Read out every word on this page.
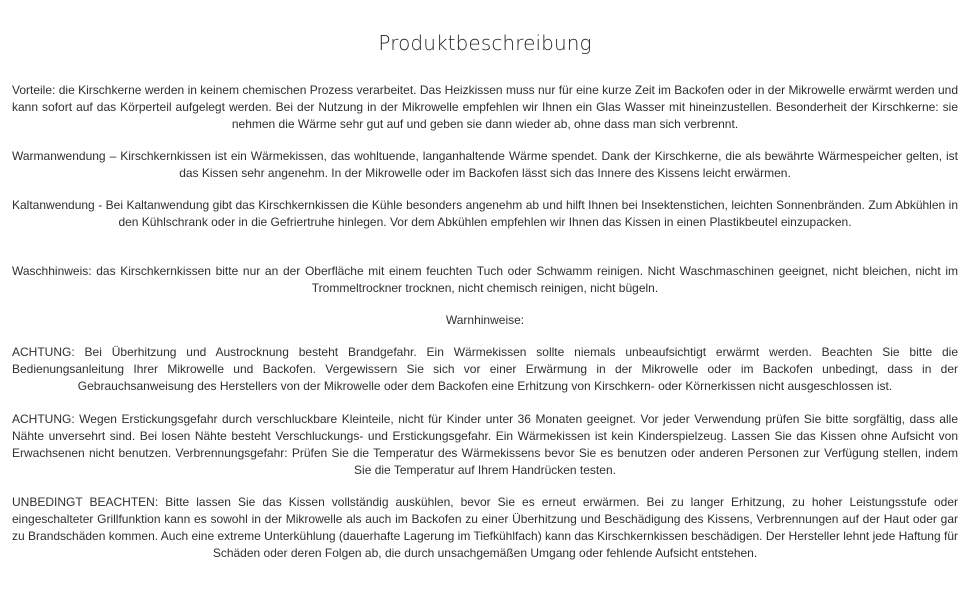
Produktbeschreibung

Vorteile: die Kirschkerne werden in keinem chemischen Prozess verarbeitet. Das Heizkissen muss nur für eine kurze Zeit im Backofen oder in der Mikrowelle erwärmt werden und kann sofort auf das Körperteil aufgelegt werden. Bei der Nutzung in der Mikrowelle empfehlen wir Ihnen ein Glas Wasser mit hineinzustellen. Besonderheit der Kirschkerne: sie nehmen die Wärme sehr gut auf und geben sie dann wieder ab, ohne dass man sich verbrennt.

Warmanwendung – Kirschkernkissen ist ein Wärmekissen, das wohltuende, langanhaltende Wärme spendet. Dank der Kirschkerne, die als bewährte Wärmespeicher gelten, ist das Kissen sehr angenehm. In der Mikrowelle oder im Backofen lässt sich das Innere des Kissens leicht erwärmen.

Kaltanwendung - Bei Kaltanwendung gibt das Kirschkernkissen die Kühle besonders angenehm ab und hilft Ihnen bei Insektenstichen, leichten Sonnenbränden. Zum Abkühlen in den Kühlschrank oder in die Gefriertruhe hinlegen. Vor dem Abkühlen empfehlen wir Ihnen das Kissen in einen Plastikbeutel einzupacken.

Waschhinweis: das Kirschkernkissen bitte nur an der Oberfläche mit einem feuchten Tuch oder Schwamm reinigen. Nicht Waschmaschinen geeignet, nicht bleichen, nicht im Trommeltrockner trocknen, nicht chemisch reinigen, nicht bügeln.

Warnhinweise:

ACHTUNG: Bei Überhitzung und Austrocknung besteht Brandgefahr. Ein Wärmekissen sollte niemals unbeaufsichtigt erwärmt werden. Beachten Sie bitte die Bedienungsanleitung Ihrer Mikrowelle und Backofen. Vergewissern Sie sich vor einer Erwärmung in der Mikrowelle oder im Backofen unbedingt, dass in der Gebrauchsanweisung des Herstellers von der Mikrowelle oder dem Backofen eine Erhitzung von Kirschkern- oder Körnerkissen nicht ausgeschlossen ist.

ACHTUNG: Wegen Erstickungsgefahr durch verschluckbare Kleinteile, nicht für Kinder unter 36 Monaten geeignet. Vor jeder Verwendung prüfen Sie bitte sorgfältig, dass alle Nähte unversehrt sind. Bei losen Nähte besteht Verschluckungs- und Erstickungsgefahr. Ein Wärmekissen ist kein Kinderspielzeug. Lassen Sie das Kissen ohne Aufsicht von Erwachsenen nicht benutzen. Verbrennungsgefahr: Prüfen Sie die Temperatur des Wärmekissens bevor Sie es benutzen oder anderen Personen zur Verfügung stellen, indem Sie die Temperatur auf Ihrem Handrücken testen.

UNBEDINGT BEACHTEN: Bitte lassen Sie das Kissen vollständig auskühlen, bevor Sie es erneut erwärmen. Bei zu langer Erhitzung, zu hoher Leistungsstufe oder eingeschalteter Grillfunktion kann es sowohl in der Mikrowelle als auch im Backofen zu einer Überhitzung und Beschädigung des Kissens, Verbrennungen auf der Haut oder gar zu Brandschäden kommen. Auch eine extreme Unterkühlung (dauerhafte Lagerung im Tiefkühlfach) kann das Kirschkernkissen beschädigen. Der Hersteller lehnt jede Haftung für Schäden oder deren Folgen ab, die durch unsachgemäßen Umgang oder fehlende Aufsicht entstehen.
